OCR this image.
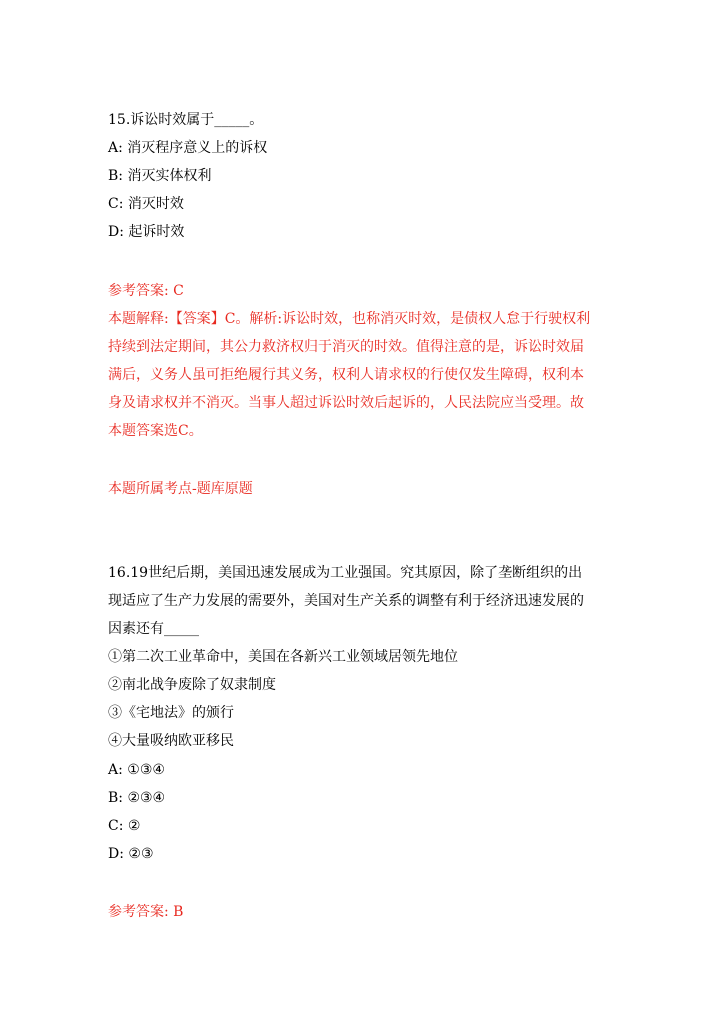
15.诉讼时效属于_____。
A: 消灭程序意义上的诉权
B: 消灭实体权利
C: 消灭时效
D: 起诉时效
参考答案: C
本题解释:【答案】C。解析:诉讼时效，也称消灭时效，是债权人怠于行驶权利
持续到法定期间，其公力救济权归于消灭的时效。值得注意的是，诉讼时效届
满后，义务人虽可拒绝履行其义务，权利人请求权的行使仅发生障碍，权利本
身及请求权并不消灭。当事人超过诉讼时效后起诉的，人民法院应当受理。故
本题答案选C。
本题所属考点-题库原题
16.19世纪后期，美国迅速发展成为工业强国。究其原因，除了垄断组织的出
现适应了生产力发展的需要外，美国对生产关系的调整有利于经济迅速发展的
因素还有_____
①第二次工业革命中，美国在各新兴工业领域居领先地位
②南北战争废除了奴隶制度
③《宅地法》的颁行
④大量吸纳欧亚移民
A: ①③④
B: ②③④
C: ②
D: ②③
参考答案: B
